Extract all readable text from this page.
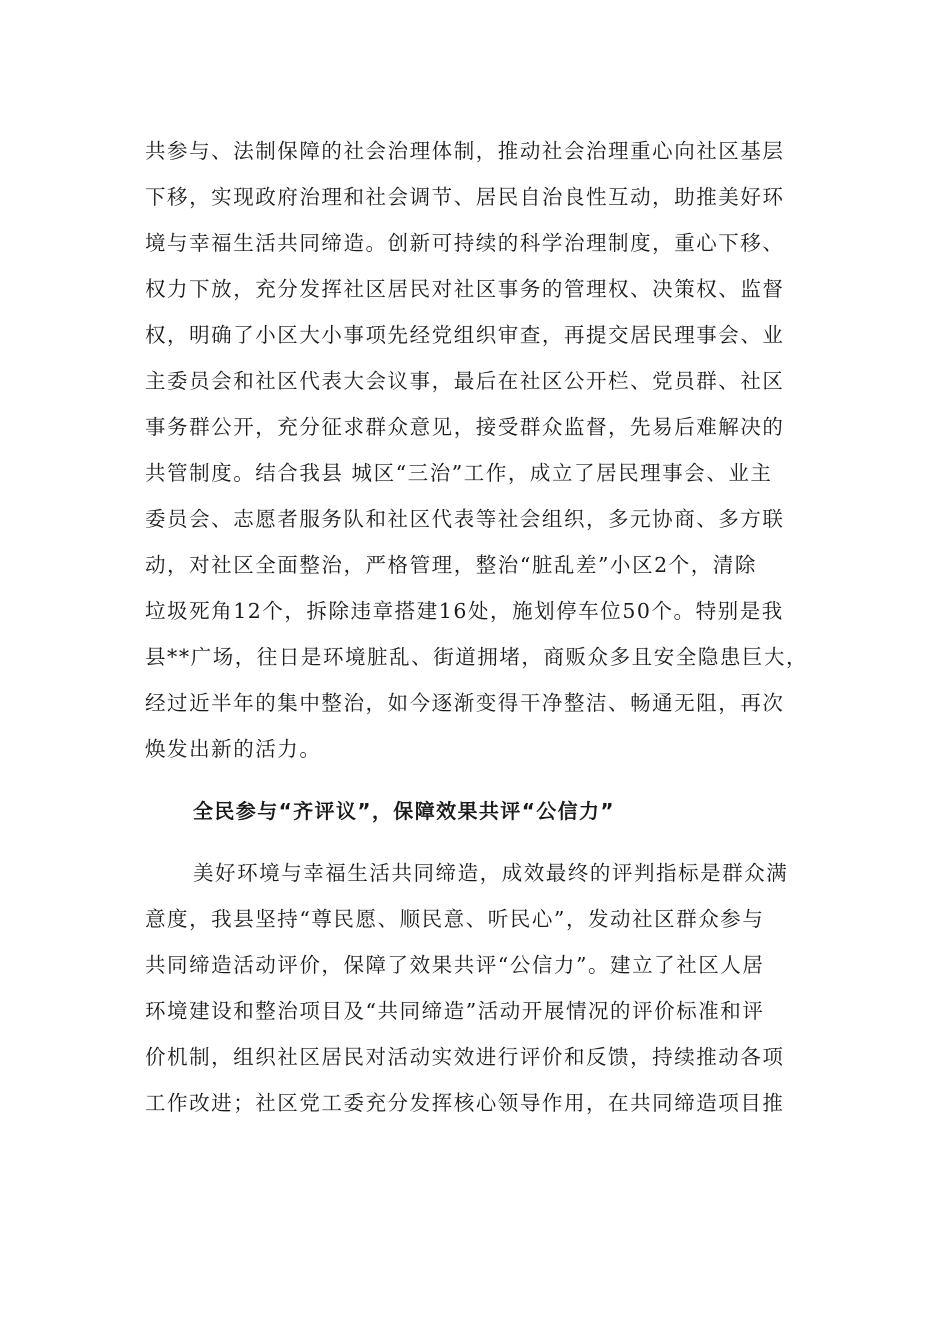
共参与、法制保障的社会治理体制，推动社会治理重心向社区基层
下移，实现政府治理和社会调节、居民自治良性互动，助推美好环
境与幸福生活共同缔造。创新可持续的科学治理制度，重心下移、
权力下放，充分发挥社区居民对社区事务的管理权、决策权、监督
权，明确了小区大小事项先经党组织审查，再提交居民理事会、业
主委员会和社区代表大会议事，最后在社区公开栏、党员群、社区
事务群公开，充分征求群众意见，接受群众监督，先易后难解决的
共管制度。结合我县 城区“三治”工作，成立了居民理事会、业主
委员会、志愿者服务队和社区代表等社会组织，多元协商、多方联
动，对社区全面整治，严格管理，整治“脏乱差”小区2个，清除
垃圾死角12个，拆除违章搭建16处，施划停车位50个。特别是我
县**广场，往日是环境脏乱、街道拥堵，商贩众多且安全隐患巨大，
经过近半年的集中整治，如今逐渐变得干净整洁、畅通无阻，再次
焕发出新的活力。
全民参与“齐评议”，保障效果共评“公信力”
美好环境与幸福生活共同缔造，成效最终的评判指标是群众满
意度，我县坚持“尊民愿、顺民意、听民心”，发动社区群众参与
共同缔造活动评价，保障了效果共评“公信力”。建立了社区人居
环境建设和整治项目及“共同缔造”活动开展情况的评价标准和评
价机制，组织社区居民对活动实效进行评价和反馈，持续推动各项
工作改进；社区党工委充分发挥核心领导作用，在共同缔造项目推
